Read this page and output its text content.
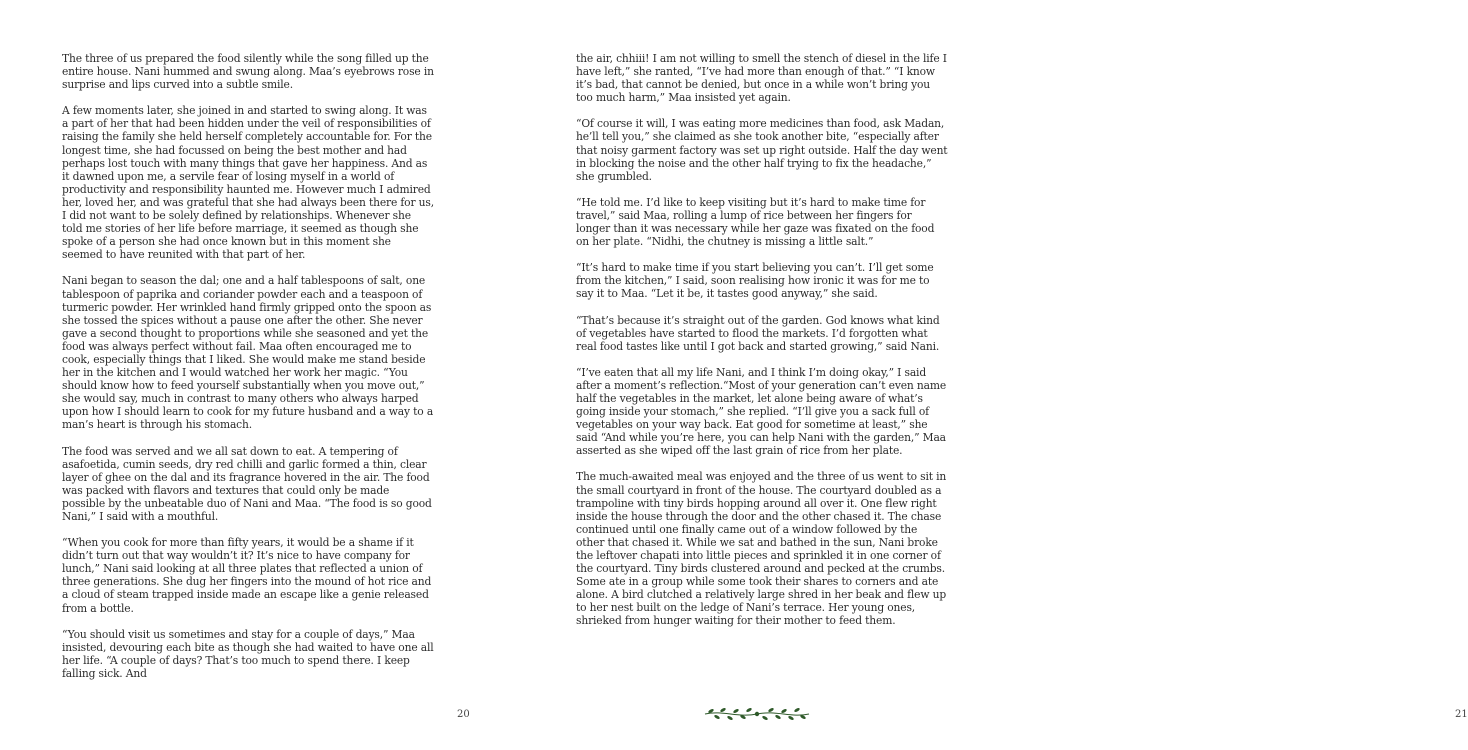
The three of us prepared the food silently while the song filled up the entire house. Nani hummed and swung along. Maa’s eyebrows rose in surprise and lips curved into a subtle smile.

A few moments later, she joined in and started to swing along. It was a part of her that had been hidden under the veil of responsibilities of raising the family she held herself completely accountable for. For the longest time, she had focussed on being the best mother and had perhaps lost touch with many things that gave her happiness. And as it dawned upon me, a servile fear of losing myself in a world of productivity and responsibility haunted me. However much I admired her, loved her, and was grateful that she had always been there for us, I did not want to be solely defined by relationships. Whenever she told me stories of her life before marriage, it seemed as though she spoke of a person she had once known but in this moment she seemed to have reunited with that part of her.

Nani began to season the dal; one and a half tablespoons of salt, one tablespoon of paprika and coriander powder each and a teaspoon of turmeric powder. Her wrinkled hand firmly gripped onto the spoon as she tossed the spices without a pause one after the other. She never gave a second thought to proportions while she seasoned and yet the food was always perfect without fail. Maa often encouraged me to cook, especially things that I liked. She would make me stand beside her in the kitchen and I would watched her work her magic. “You should know how to feed yourself substantially when you move out,” she would say, much in contrast to many others who always harped upon how I should learn to cook for my future husband and a way to a man’s heart is through his stomach.

The food was served and we all sat down to eat. A tempering of asafoetida, cumin seeds, dry red chilli and garlic formed a thin, clear layer of ghee on the dal and its fragrance hovered in the air. The food was packed with flavors and textures that could only be made possible by the unbeatable duo of Nani and Maa. “The food is so good Nani,” I said with a mouthful.

“When you cook for more than fifty years, it would be a shame if it didn’t turn out that way wouldn’t it? It’s nice to have company for lunch,” Nani said looking at all three plates that reflected a union of three generations. She dug her fingers into the mound of hot rice and a cloud of steam trapped inside made an escape like a genie released from a bottle.

“You should visit us sometimes and stay for a couple of days,” Maa insisted, devouring each bite as though she had waited to have one all her life. “A couple of days? That’s too much to spend there. I keep falling sick. And

20

the air, chhiii! I am not willing to smell the stench of diesel in the life I have left,” she ranted, “I’ve had more than enough of that.” “I know it’s bad, that cannot be denied, but once in a while won’t bring you too much harm,” Maa insisted yet again.

“Of course it will, I was eating more medicines than food, ask Madan, he’ll tell you,” she claimed as she took another bite, “especially after that noisy garment factory was set up right outside. Half the day went in blocking the noise and the other half trying to fix the headache,” she grumbled.

“He told me. I’d like to keep visiting but it’s hard to make time for travel,” said Maa, rolling a lump of rice between her fingers for longer than it was necessary while her gaze was fixated on the food on her plate. “Nidhi, the chutney is missing a little salt.”

“It’s hard to make time if you start believing you can’t. I’ll get some from the kitchen,” I said, soon realising how ironic it was for me to say it to Maa. “Let it be, it tastes good anyway,” she said.

“That’s because it’s straight out of the garden. God knows what kind of vegetables have started to flood the markets. I’d forgotten what real food tastes like until I got back and started growing,” said Nani.

“I’ve eaten that all my life Nani, and I think I’m doing okay,” I said after a moment’s reflection.“Most of your generation can’t even name half the vegetables in the market, let alone being aware of what’s going inside your stomach,” she replied. “I’ll give you a sack full of vegetables on your way back. Eat good for sometime at least,” she said “And while you’re here, you can help Nani with the garden,” Maa asserted as she wiped off the last grain of rice from her plate.

The much-awaited meal was enjoyed and the three of us went to sit in the small courtyard in front of the house. The courtyard doubled as a trampoline with tiny birds hopping around all over it. One flew right inside the house through the door and the other chased it. The chase continued until one finally came out of a window followed by the other that chased it. While we sat and bathed in the sun, Nani broke the leftover chapati into little pieces and sprinkled it in one corner of the courtyard. Tiny birds clustered around and pecked at the crumbs. Some ate in a group while some took their shares to corners and ate alone. A bird clutched a relatively large shred in her beak and flew up to her nest built on the ledge of Nani’s terrace. Her young ones, shrieked from hunger waiting for their mother to feed them.

21
